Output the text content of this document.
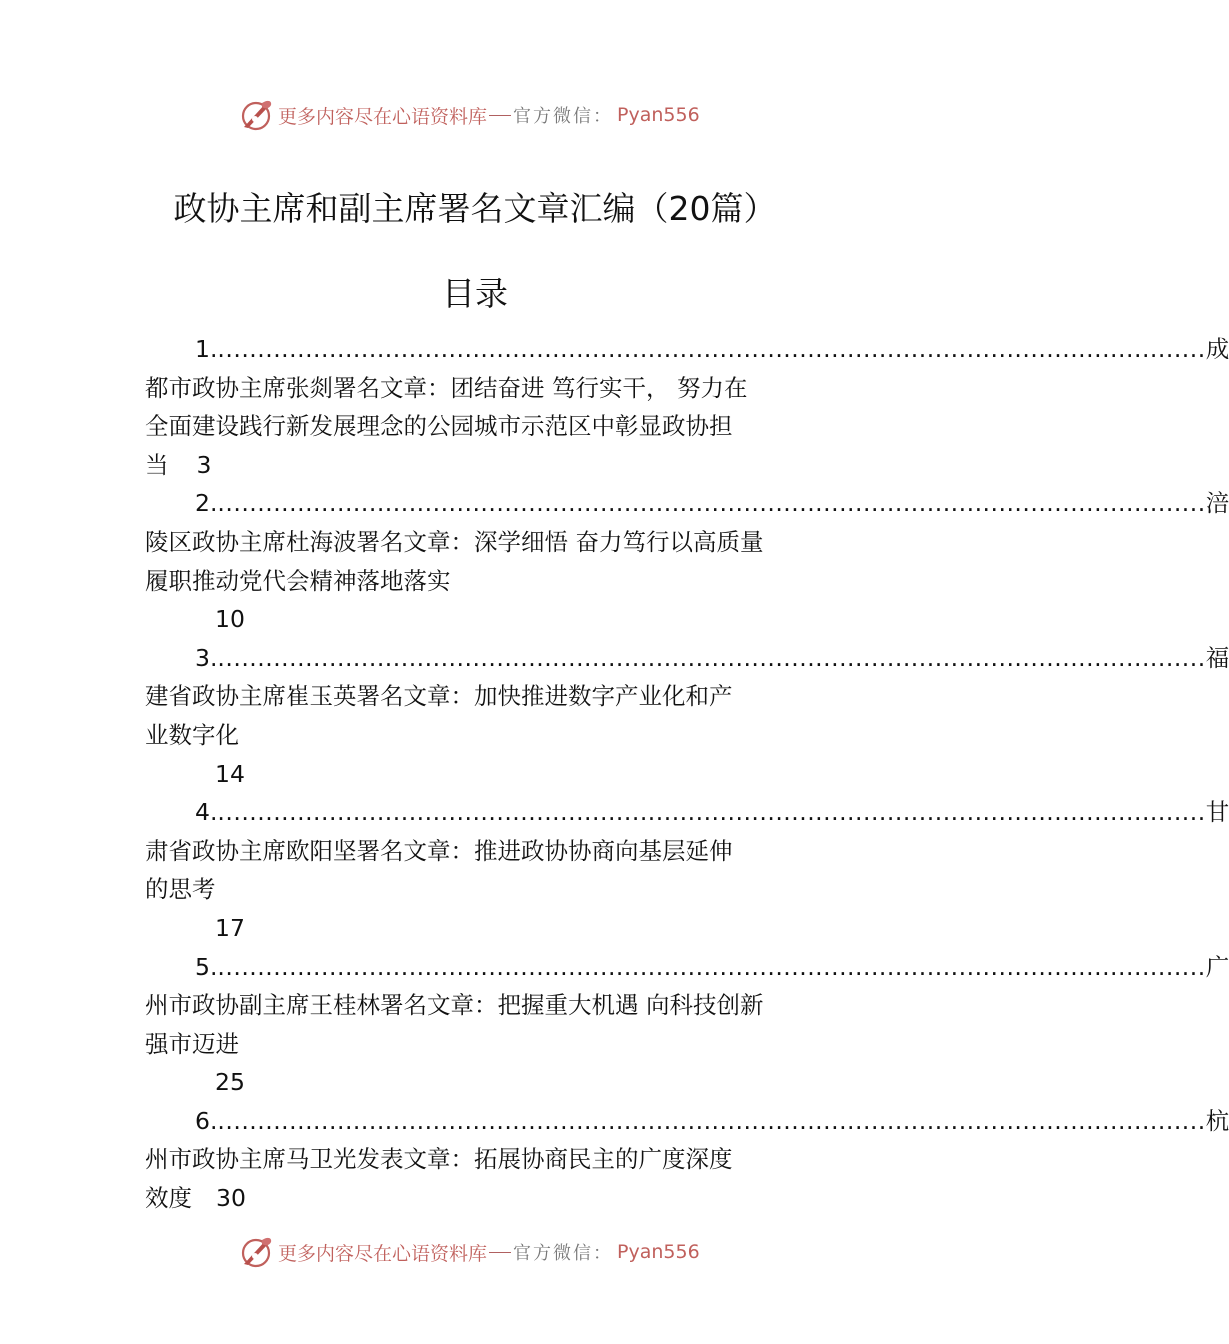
更多内容尽在心语资料库 官方微信： Pyan556
政协主席和副主席署名文章汇编（20篇）
目录
1. ............................................................................................................................ 成
都市政协主席张剡署名文章：团结奋进 笃行实干， 努力在
全面建设践行新发展理念的公园城市示范区中彰显政协担
当 3
2. ............................................................................................................................ 涪
陵区政协主席杜海波署名文章：深学细悟 奋力笃行以高质量
履职推动党代会精神落地落实
10
3. ............................................................................................................................ 福
建省政协主席崔玉英署名文章：加快推进数字产业化和产
业数字化
14
4. ............................................................................................................................ 甘
肃省政协主席欧阳坚署名文章：推进政协协商向基层延伸
的思考
17
5. ............................................................................................................................ 广
州市政协副主席王桂林署名文章：把握重大机遇 向科技创新
强市迈进
25
6. ............................................................................................................................ 杭
州市政协主席马卫光发表文章：拓展协商民主的广度深度
效度 30
更多内容尽在心语资料库 官方微信： Pyan556
